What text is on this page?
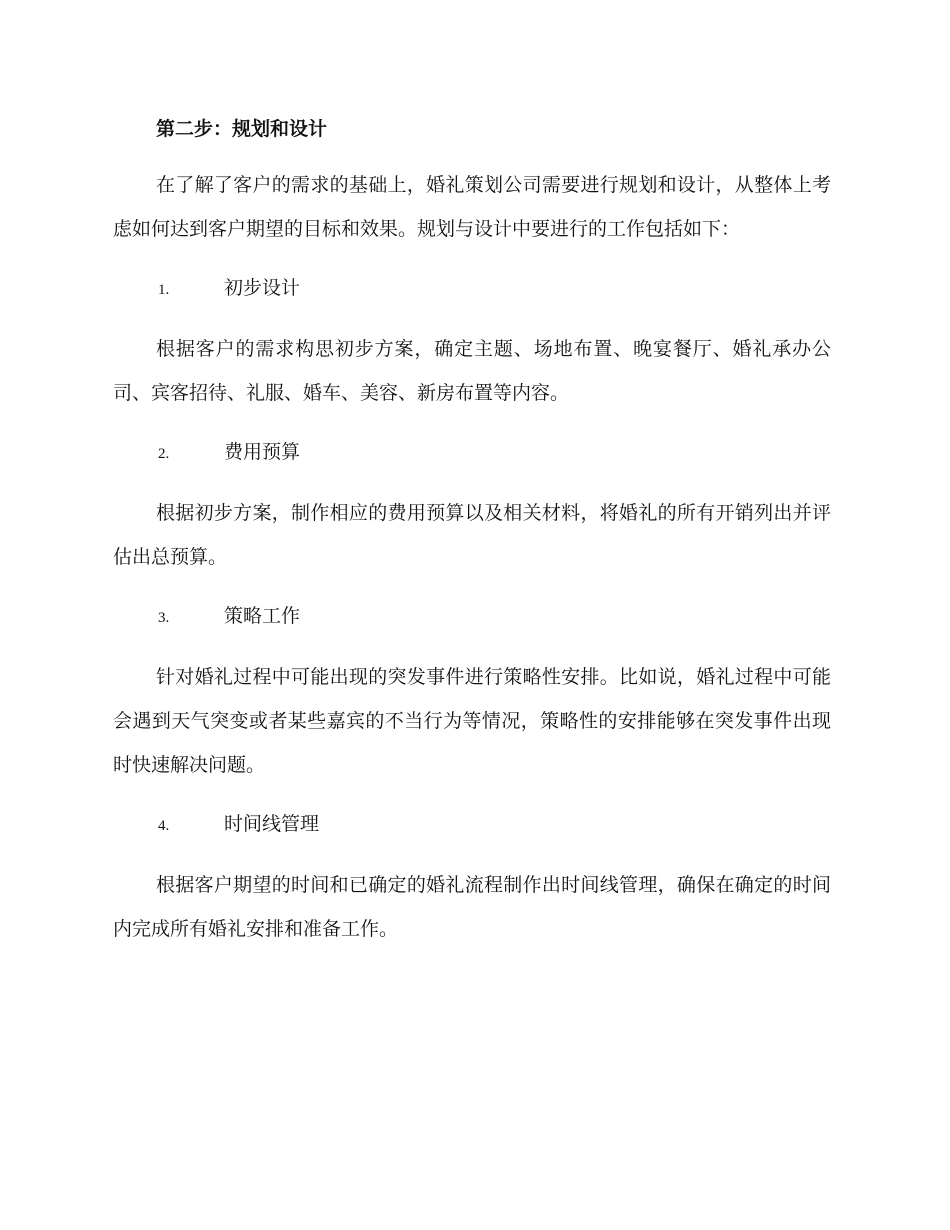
第二步：规划和设计

在了解了客户的需求的基础上，婚礼策划公司需要进行规划和设计，从整体上考虑如何达到客户期望的目标和效果。规划与设计中要进行的工作包括如下：

1.	初步设计

根据客户的需求构思初步方案，确定主题、场地布置、晚宴餐厅、婚礼承办公司、宾客招待、礼服、婚车、美容、新房布置等内容。

2.	费用预算

根据初步方案，制作相应的费用预算以及相关材料，将婚礼的所有开销列出并评估出总预算。

3.	策略工作

针对婚礼过程中可能出现的突发事件进行策略性安排。比如说，婚礼过程中可能会遇到天气突变或者某些嘉宾的不当行为等情况，策略性的安排能够在突发事件出现时快速解决问题。

4.	时间线管理

根据客户期望的时间和已确定的婚礼流程制作出时间线管理，确保在确定的时间内完成所有婚礼安排和准备工作。
